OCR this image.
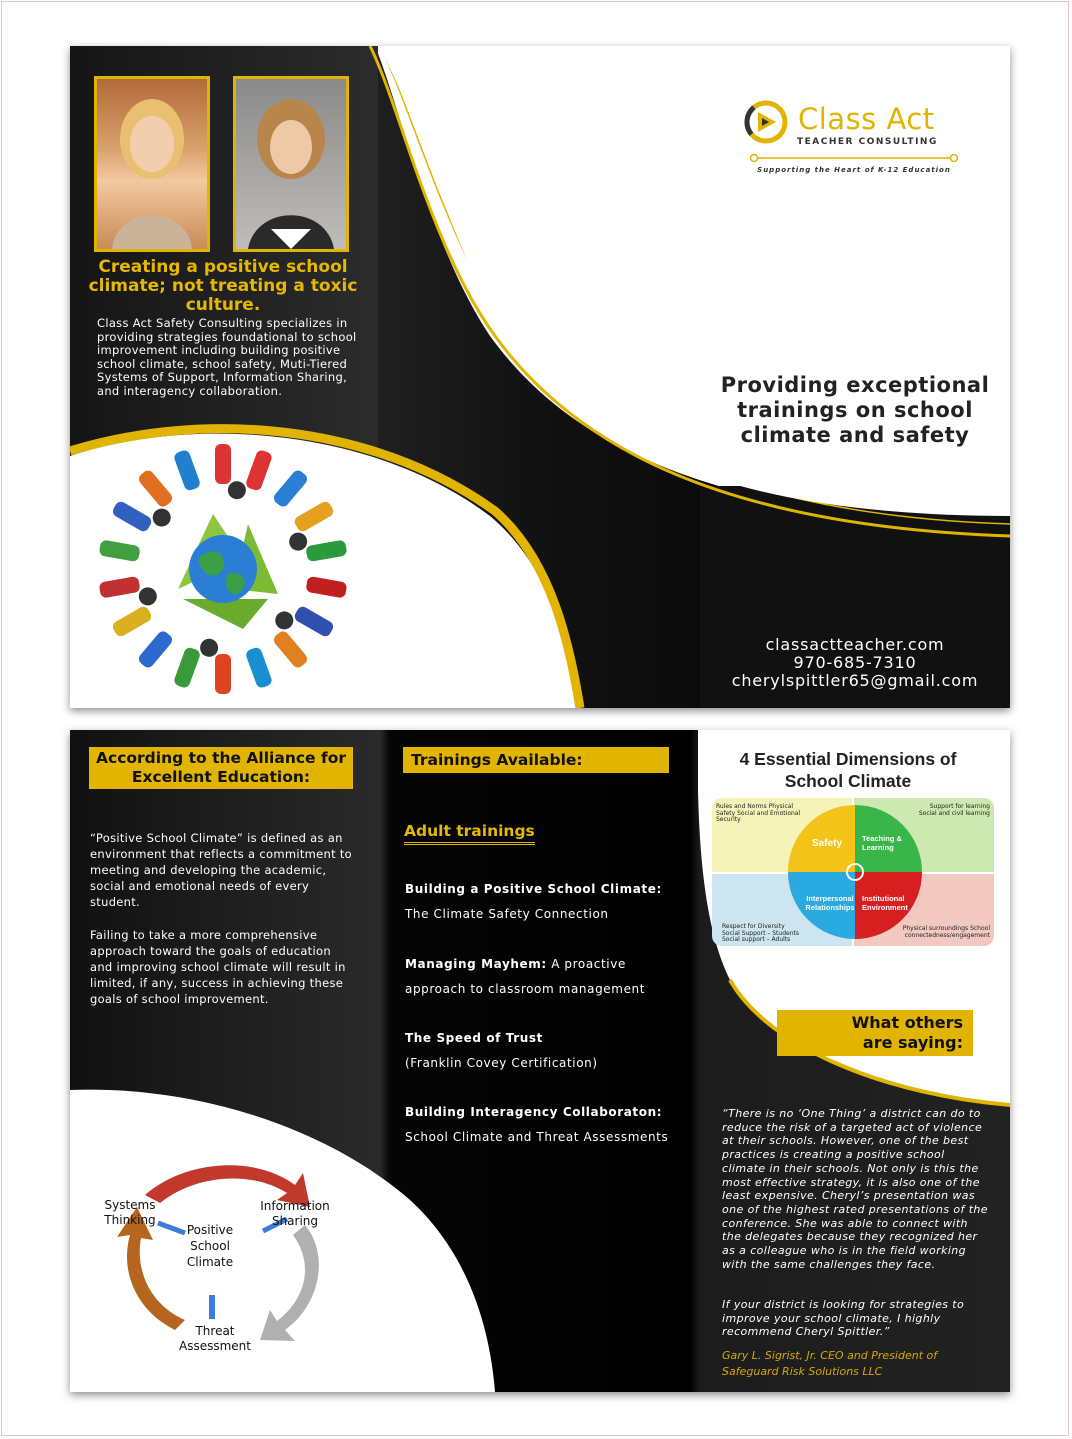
Creating a positive school climate; not treating a toxic culture.
Class Act Safety Consulting specializes in providing strategies foundational to school improvement including building positive school climate, school safety, Muti-Tiered Systems of Support, Information Sharing, and interagency collaboration.
Class Act
TEACHER CONSULTING
Supporting the Heart of K-12 Education
Providing exceptional trainings on school climate and safety
classactteacher.com
970-685-7310
cherylspittler65@gmail.com
According to the Alliance for Excellent Education:
“Positive School Climate” is defined as an environment that reflects a commitment to meeting and developing the academic, social and emotional needs of every student.
Failing to take a more comprehensive approach toward the goals of education and improving school climate will result in limited, if any, success in achieving these goals of school improvement.
Systems Thinking
Information Sharing
Positive School Climate
Threat Assessment
Trainings Available:
Adult trainings
Building a Positive School Climate:
The Climate Safety Connection
Managing Mayhem: A proactive approach to classroom management
The Speed of Trust
(Franklin Covey Certification)
Building Interagency Collaboraton:
School Climate and Threat Assessments
4 Essential Dimensions of School Climate
Safety	Teaching & Learning
Interpersonal Relationships
Institutional Environment
Rules and Norms Physical Safety Social and Emotional Security
Support for learning Social and civil learning
Respect for Diversity Social Support – Students Social support – Adults
Physical surroundings School connectedness/engagement
What others are saying:
“There is no ‘One Thing’ a district can do to reduce the risk of a targeted act of violence at their schools. However, one of the best practices is creating a positive school climate in their schools. Not only is this the most effective strategy, it is also one of the least expensive. Cheryl’s presentation was one of the highest rated presentations of the conference. She was able to connect with the delegates because they recognized her as a colleague who is in the field working with the same challenges they face.
If your district is looking for strategies to improve your school climate, I highly recommend Cheryl Spittler.”
Gary L. Sigrist, Jr. CEO and President of Safeguard Risk Solutions LLC
